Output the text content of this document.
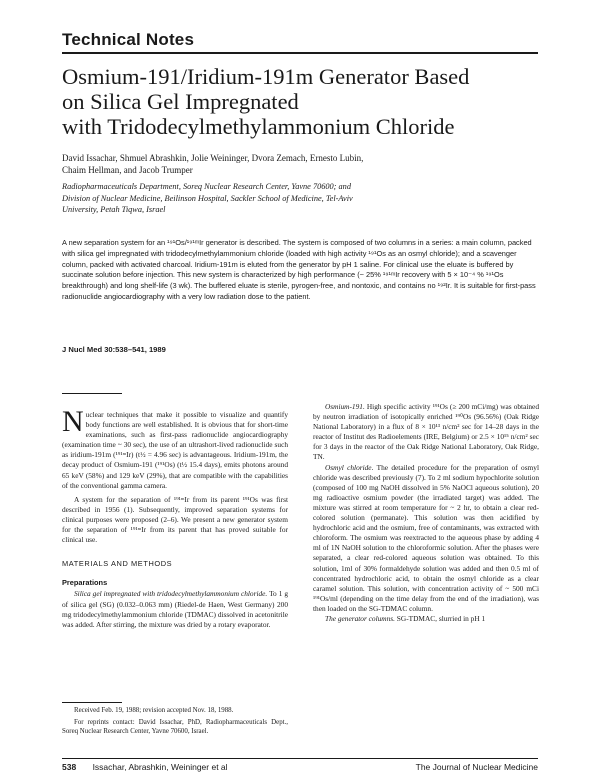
Technical Notes
Osmium-191/Iridium-191m Generator Based
on Silica Gel Impregnated
with Tridodecylmethylammonium Chloride
David Issachar, Shmuel Abrashkin, Jolie Weininger, Dvora Zemach, Ernesto Lubin,
Chaim Hellman, and Jacob Trumper
Radiopharmaceuticals Department, Soreq Nuclear Research Center, Yavne 70600; and
Division of Nuclear Medicine, Beilinson Hospital, Sackler School of Medicine, Tel-Aviv
University, Petah Tiqwa, Israel
A new separation system for an ¹⁹¹Os/¹⁹¹ᵐIr generator is described. The system is composed of two columns in a series: a main column, packed with silica gel impregnated with tridodecylmethylammonium chloride (loaded with high activity ¹⁹¹Os as an osmyl chloride); and a scavenger column, packed with activated charcoal. Iridium-191m is eluted from the generator by pH 1 saline. For clinical use the eluate is buffered by succinate solution before injection. This new system is characterized by high performance (~ 25% ¹⁹¹ᵐIr recovery with 5 × 10⁻⁴ % ¹⁹¹Os breakthrough) and long shelf-life (3 wk). The buffered eluate is sterile, pyrogen-free, and nontoxic, and contains no ¹⁹²Ir. It is suitable for first-pass radionuclide angiocardiography with a very low radiation dose to the patient.
J Nucl Med 30:538–541, 1989

Nuclear techniques that make it possible to visualize and quantify body functions are well established. It is obvious that for short-time examinations, such as first-pass radionuclide angiocardiography (examination time ~ 30 sec), the use of an ultrashort-lived radionuclide such as iridium-191m (¹⁹¹ᵐIr) (t½ = 4.96 sec) is advantageous. Iridium-191m, the decay product of Osmium-191 (¹⁹¹Os) (t½ 15.4 days), emits photons around 65 keV (58%) and 129 keV (29%), that are compatible with the capabilities of the conventional gamma camera.

A system for the separation of ¹⁹¹ᵐIr from its parent ¹⁹¹Os was first described in 1956 (1). Subsequently, improved separation systems for clinical purposes were proposed (2–6). We present a new generator system for the separation of ¹⁹¹ᵐIr from its parent that has proved suitable for clinical use.

MATERIALS AND METHODS
Preparations

Silica gel impregnated with tridodecylmethylammonium chloride. To 1 g of silica gel (SG) (0.032–0.063 mm) (Riedel-de Haen, West Germany) 200 mg tridodecylmethylammonium chloride (TDMAC) dissolved in acetonitrile was added. After stirring, the mixture was dried by a rotary evaporator.

Osmium-191. High specific activity ¹⁹¹Os (≥ 200 mCi/mg) was obtained by neutron irradiation of isotopically enriched ¹⁹⁰Os (96.56%) (Oak Ridge National Laboratory) in a flux of 8 × 10¹³ n/cm² sec for 14–28 days in the reactor of Institut des Radioelements (IRE, Belgium) or 2.5 × 10¹⁵ n/cm² sec for 3 days in the reactor of the Oak Ridge National Laboratory, Oak Ridge, TN.

Osmyl chloride. The detailed procedure for the preparation of osmyl chloride was described previously (7). To 2 ml sodium hypochlorite solution (composed of 100 mg NaOH dissolved in 5% NaOCl aqueous solution), 20 mg radioactive osmium powder (the irradiated target) was added. The mixture was stirred at room temperature for ~ 2 hr, to obtain a clear red-colored solution (permanate). This solution was then acidified by hydrochloric acid and the osmium, free of contaminants, was extracted with chloroform. The osmium was reextracted to the aqueous phase by adding 4 ml of 1N NaOH solution to the chloroformic solution. After the phases were separated, a clear red-colored aqueous solution was obtained. To this solution, 1ml of 30% formaldehyde solution was added and then 0.5 ml of concentrated hydrochloric acid, to obtain the osmyl chloride as a clear caramel solution. This solution, with concentration activity of ~ 500 mCi ¹⁹¹Os/ml (depending on the time delay from the end of the irradiation), was then loaded on the SG-TDMAC column.

The generator columns. SG-TDMAC, slurried in pH 1

Received Feb. 19, 1988; revision accepted Nov. 18, 1988.

For reprints contact: David Issachar, PhD, Radiopharmaceuticals Dept., Soreq Nuclear Research Center, Yavne 70600, Israel.

538 Issachar, Abrashkin, Weininger et al	The Journal of Nuclear Medicine
